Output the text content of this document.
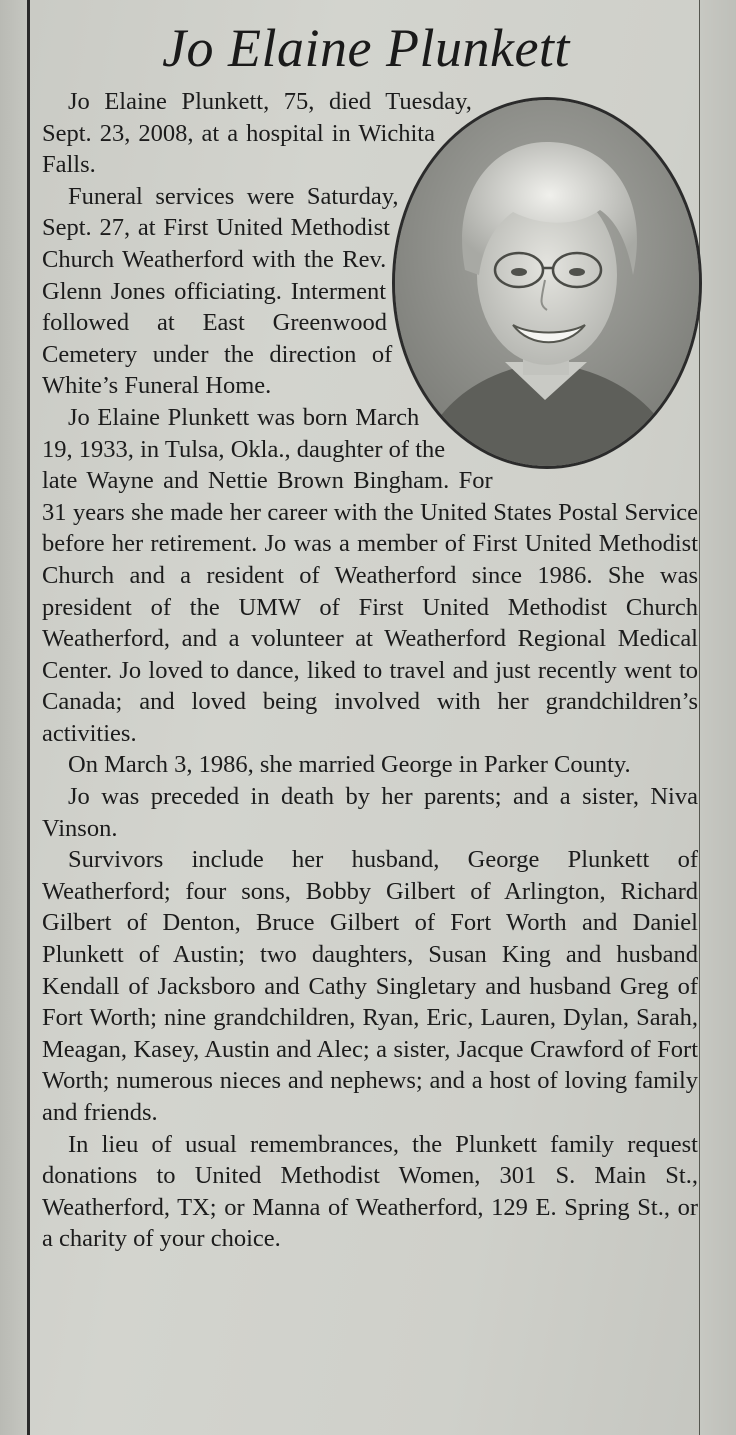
Jo Elaine Plunkett

Jo Elaine Plunkett, 75, died Tuesday, Sept. 23, 2008, at a hospital in Wichita Falls.

Funeral services were Saturday, Sept. 27, at First United Methodist Church Weatherford with the Rev. Glenn Jones officiating. Interment followed at East Greenwood Cemetery under the direction of White’s Funeral Home.

Jo Elaine Plunkett was born March 19, 1933, in Tulsa, Okla., daughter of the late Wayne and Nettie Brown Bingham. For 31 years she made her career with the United States Postal Service before her retirement. Jo was a member of First United Methodist Church and a resident of Weatherford since 1986. She was president of the UMW of First United Methodist Church Weatherford, and a volunteer at Weatherford Regional Medical Center. Jo loved to dance, liked to travel and just recently went to Canada; and loved being involved with her grandchildren’s activities.

On March 3, 1986, she married George in Parker County.

Jo was preceded in death by her parents; and a sister, Niva Vinson.

Survivors include her husband, George Plunkett of Weatherford; four sons, Bobby Gilbert of Arlington, Richard Gilbert of Denton, Bruce Gilbert of Fort Worth and Daniel Plunkett of Austin; two daughters, Susan King and husband Kendall of Jacksboro and Cathy Singletary and husband Greg of Fort Worth; nine grandchildren, Ryan, Eric, Lauren, Dylan, Sarah, Meagan, Kasey, Austin and Alec; a sister, Jacque Crawford of Fort Worth; numerous nieces and nephews; and a host of loving family and friends.

In lieu of usual remembrances, the Plunkett family request donations to United Methodist Women, 301 S. Main St., Weatherford, TX; or Manna of Weatherford, 129 E. Spring St., or a charity of your choice.
